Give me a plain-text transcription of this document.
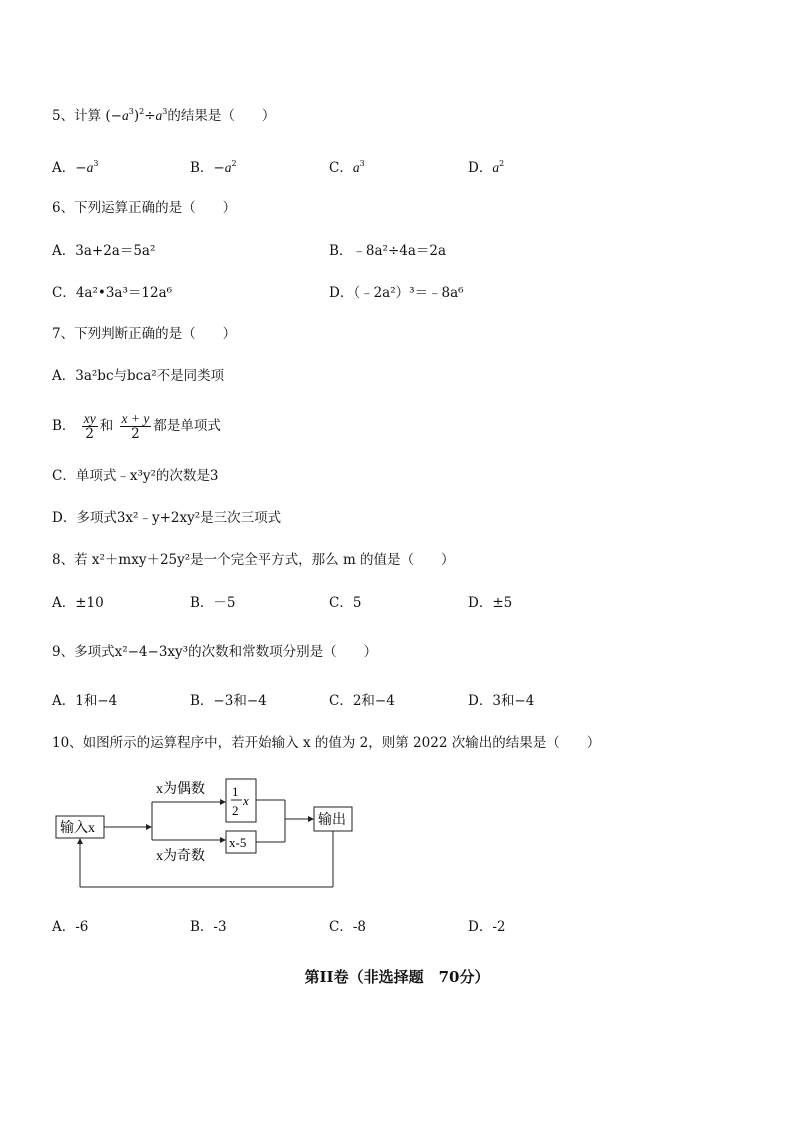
5、计算 $(-a^3)^2\div a^3$的结果是（　　）
A．$-a^3$	B．$-a^2$	C．$a^3$	D．$a^2$
6、下列运算正确的是（　　）
A．3a+2a＝5a²	B．﹣8a²÷4a＝2a
C．4a²•3a³＝12a⁶	D．（﹣2a²）³＝﹣8a⁶
7、下列判断正确的是（　　）
A．3a²bc与bca²不是同类项
B． $\frac{xy}{2}$ 和 $\frac{x + y}{2}$ 都是单项式
C．单项式﹣x³y²的次数是3
D．多项式3x²﹣y+2xy²是三次三项式
8、若 x²＋mxy＋25y²是一个完全平方式，那么 m 的值是（　　）
A．±10	B．－5	C．5	D．±5
9、多项式x²−4−3xy³的次数和常数项分别是（　　）
A．1和−4	B．−3和−4	C．2和−4	D．3和−4
10、如图所示的运算程序中，若开始输入 x 的值为 2，则第 2022 次输出的结果是（　　）
输入x
x为偶数
x为奇数
1
2
x
x-5
输出
A．-6	B．-3	C．-8	D．-2
第II卷（非选择题　70分）
